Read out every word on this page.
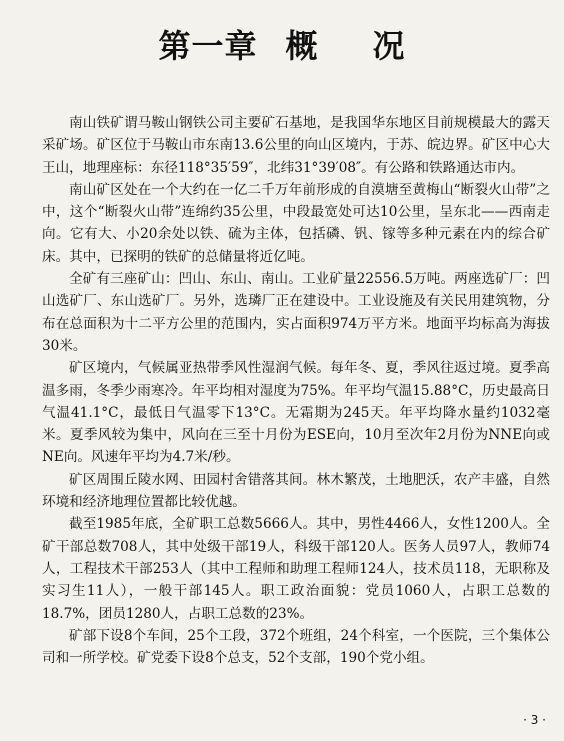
第一章 概 况

南山铁矿谓马鞍山钢铁公司主要矿石基地，是我国华东地区目前规模最大的露天采矿场。矿区位于马鞍山市东南13.6公里的向山区境内，于苏、皖边界。矿区中心大王山，地理座标：东径118°35′59″，北纬31°39′08″。有公路和铁路通达市内。

南山矿区处在一个大约在一亿二千万年前形成的自漠塘至黄梅山“断裂火山带”之中，这个“断裂火山带”连绵约35公里，中段最宽处可达10公里，呈东北——西南走向。它有大、小20余处以铁、硫为主体，包括磷、钒、镓等多种元素在内的综合矿床。其中，已探明的铁矿的总储量将近亿吨。

全矿有三座矿山：凹山、东山、南山。工业矿量22556.5万吨。两座选矿厂：凹山选矿厂、东山选矿厂。另外，选璘厂正在建设中。工业设施及有关民用建筑物，分布在总面积为十二平方公里的范围内，实占面积974万平方米。地面平均标高为海拔30米。

矿区境内，气候属亚热带季风性湿润气候。每年冬、夏，季风往返过境。夏季高温多雨，冬季少雨寒冷。年平均相对湿度为75%。年平均气温15.88°C，历史最高日气温41.1°C，最低日气温零下13°C。无霜期为245天。年平均降水量约1032毫米。夏季风较为集中，风向在三至十月份为ESE向，10月至次年2月份为NNE向或NE向。风速年平均为4.7米/秒。

矿区周围丘陵水网、田园村舍错落其间。林木繁茂，土地肥沃，农产丰盛，自然环境和经济地理位置都比较优越。

截至1985年底，全矿职工总数5666人。其中，男性4466人，女性1200人。全矿干部总数708人，其中处级干部19人，科级干部120人。医务人员97人，教师74人，工程技术干部253人（其中工程师和助理工程师124人，技术员118，无职称及实习生11人），一般干部145人。职工政治面貌：党员1060人，占职工总数的18.7%，团员1280人，占职工总数的23%。

矿部下设8个车间，25个工段，372个班组，24个科室，一个医院，三个集体公司和一所学校。矿党委下设8个总支，52个支部，190个党小组。

· 3 ·
